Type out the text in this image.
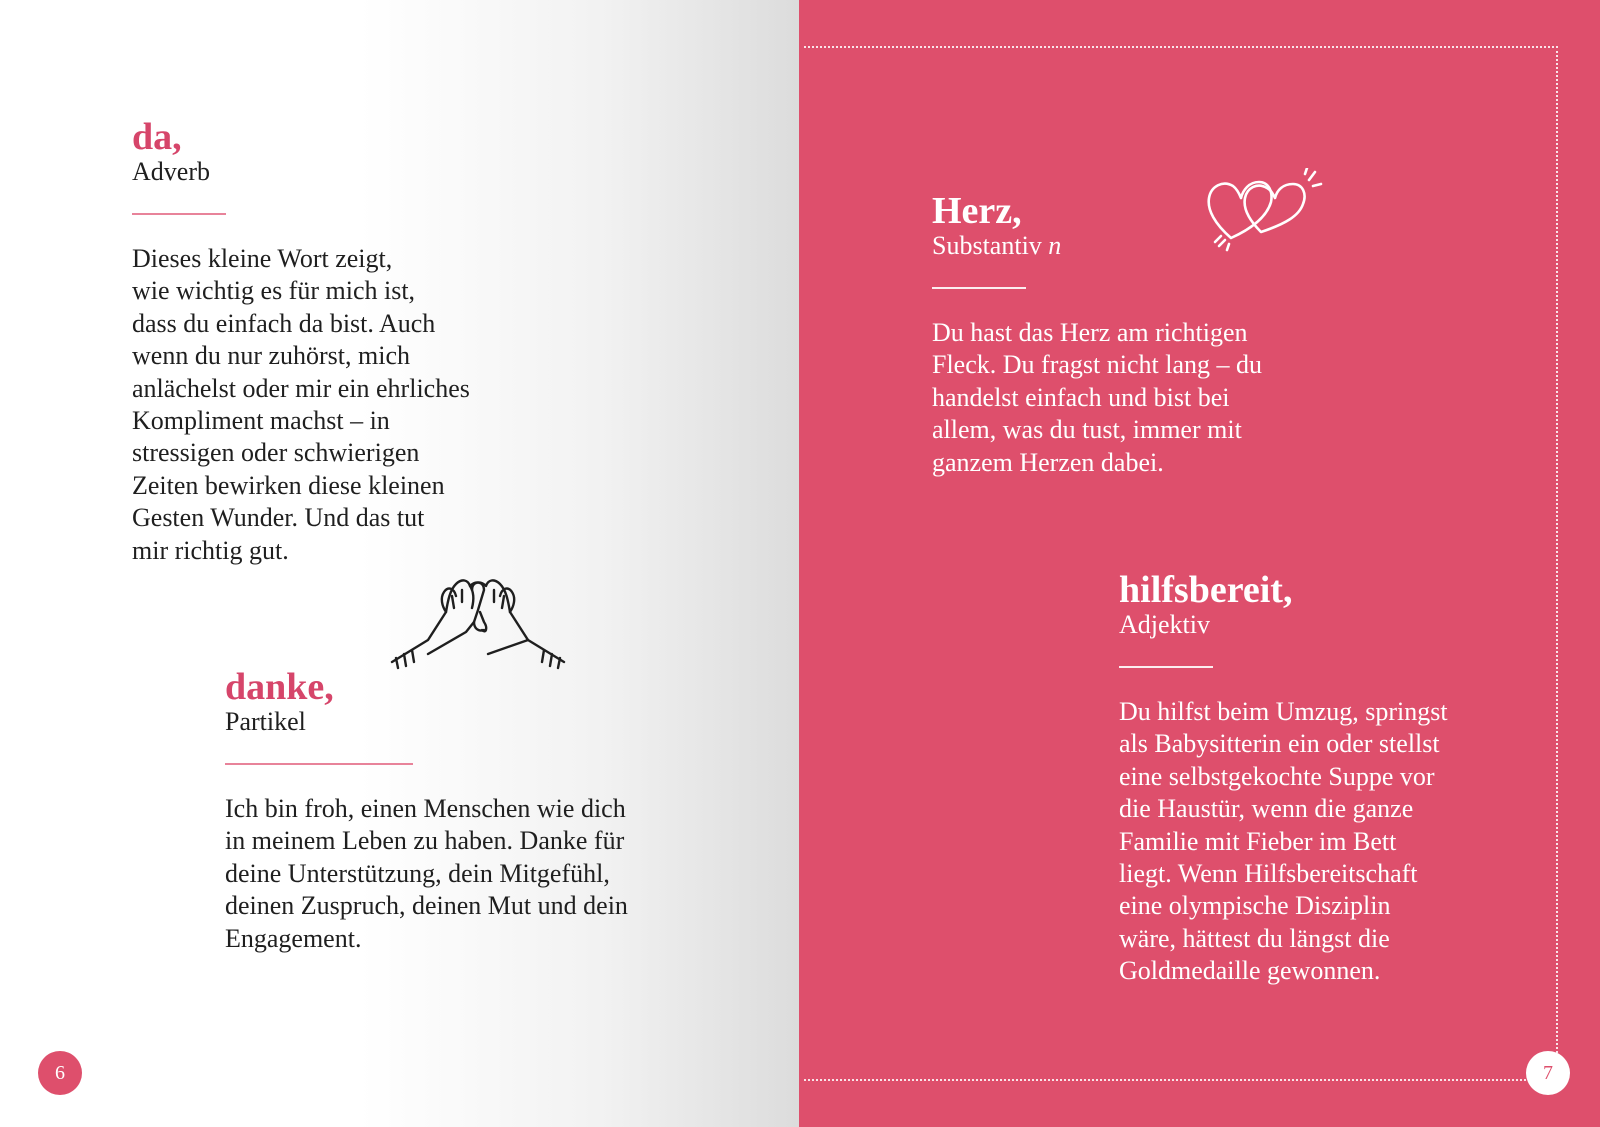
da,

Adverb

Dieses kleine Wort zeigt,
wie wichtig es für mich ist,
dass du einfach da bist. Auch
wenn du nur zuhörst, mich
anlächelst oder mir ein ehrliches
Kompliment machst – in
stressigen oder schwierigen
Zeiten bewirken diese kleinen
Gesten Wunder. Und das tut
mir richtig gut.

danke,

Partikel

Ich bin froh, einen Menschen wie dich
in meinem Leben zu haben. Danke für
deine Unterstützung, dein Mitgefühl,
deinen Zuspruch, deinen Mut und dein
Engagement.
6

Herz,

Substantiv n

Du hast das Herz am richtigen
Fleck. Du fragst nicht lang – du
handelst einfach und bist bei
allem, was du tust, immer mit
ganzem Herzen dabei.

hilfsbereit,

Adjektiv

Du hilfst beim Umzug, springst
als Babysitterin ein oder stellst
eine selbstgekochte Suppe vor
die Haustür, wenn die ganze
Familie mit Fieber im Bett
liegt. Wenn Hilfsbereitschaft
eine olympische Disziplin
wäre, hättest du längst die
Goldmedaille gewonnen.
7
